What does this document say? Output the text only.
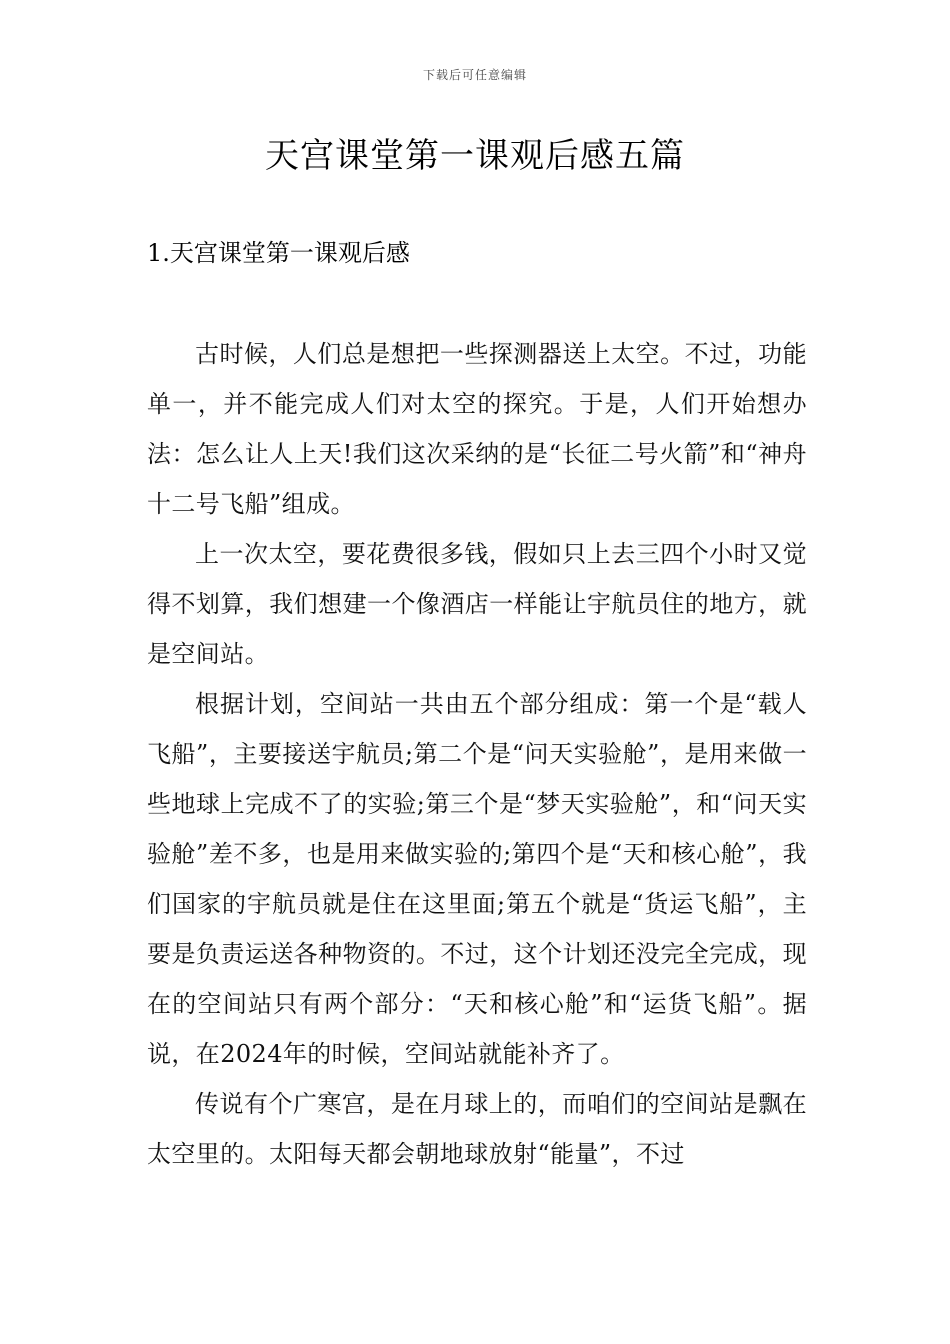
下载后可任意编辑
天宫课堂第一课观后感五篇
1.天宫课堂第一课观后感

古时候，人们总是想把一些探测器送上太空。不过，功能单一，并不能完成人们对太空的探究。于是，人们开始想办法：怎么让人上天!我们这次采纳的是“长征二号火箭”和“神舟十二号飞船”组成。

上一次太空，要花费很多钱，假如只上去三四个小时又觉得不划算，我们想建一个像酒店一样能让宇航员住的地方，就是空间站。

根据计划，空间站一共由五个部分组成：第一个是“载人飞船”，主要接送宇航员;第二个是“问天实验舱”，是用来做一些地球上完成不了的实验;第三个是“梦天实验舱”，和“问天实验舱”差不多，也是用来做实验的;第四个是“天和核心舱”，我们国家的宇航员就是住在这里面;第五个就是“货运飞船”，主要是负责运送各种物资的。不过，这个计划还没完全完成，现在的空间站只有两个部分：“天和核心舱”和“运货飞船”。据说，在2024年的时候，空间站就能补齐了。

传说有个广寒宫，是在月球上的，而咱们的空间站是飘在太空里的。太阳每天都会朝地球放射“能量”，不过
